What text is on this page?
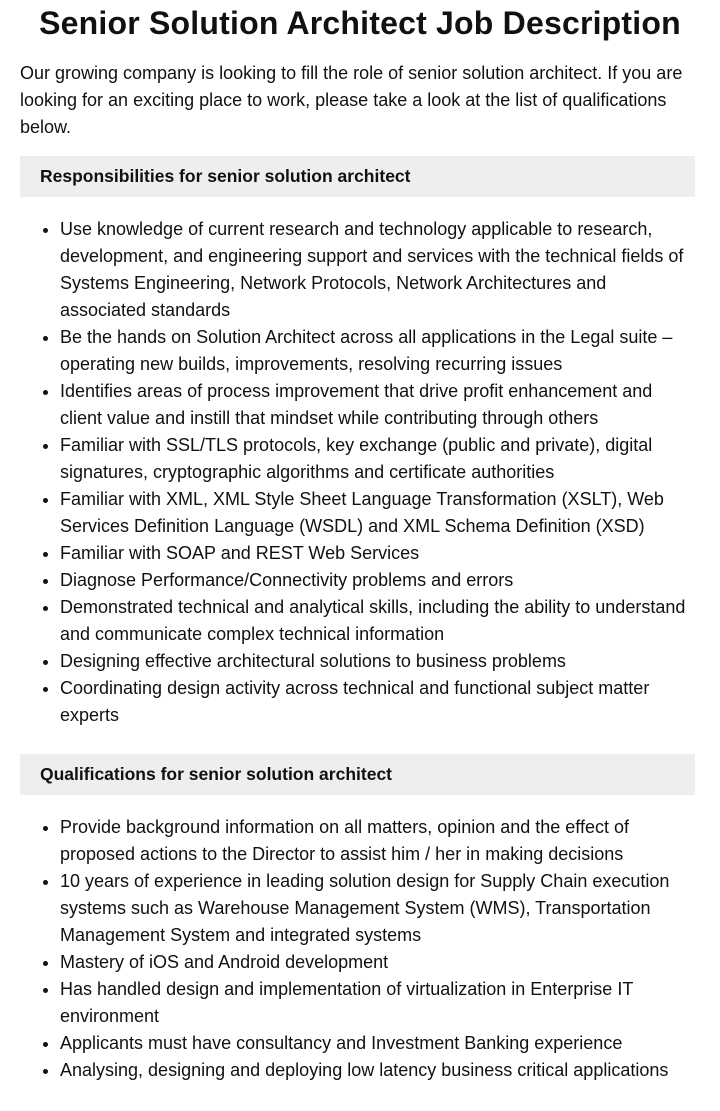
Senior Solution Architect Job Description

Our growing company is looking to fill the role of senior solution architect. If you are looking for an exciting place to work, please take a look at the list of qualifications below.

Responsibilities for senior solution architect
• Use knowledge of current research and technology applicable to research, development, and engineering support and services with the technical fields of Systems Engineering, Network Protocols, Network Architectures and associated standards
• Be the hands on Solution Architect across all applications in the Legal suite – operating new builds, improvements, resolving recurring issues
• Identifies areas of process improvement that drive profit enhancement and client value and instill that mindset while contributing through others
• Familiar with SSL/TLS protocols, key exchange (public and private), digital signatures, cryptographic algorithms and certificate authorities
• Familiar with XML, XML Style Sheet Language Transformation (XSLT), Web Services Definition Language (WSDL) and XML Schema Definition (XSD)
• Familiar with SOAP and REST Web Services
• Diagnose Performance/Connectivity problems and errors
• Demonstrated technical and analytical skills, including the ability to understand and communicate complex technical information
• Designing effective architectural solutions to business problems
• Coordinating design activity across technical and functional subject matter experts
Qualifications for senior solution architect
• Provide background information on all matters, opinion and the effect of proposed actions to the Director to assist him / her in making decisions
• 10 years of experience in leading solution design for Supply Chain execution systems such as Warehouse Management System (WMS), Transportation Management System and integrated systems
• Mastery of iOS and Android development
• Has handled design and implementation of virtualization in Enterprise IT environment
• Applicants must have consultancy and Investment Banking experience
• Analysing, designing and deploying low latency business critical applications
